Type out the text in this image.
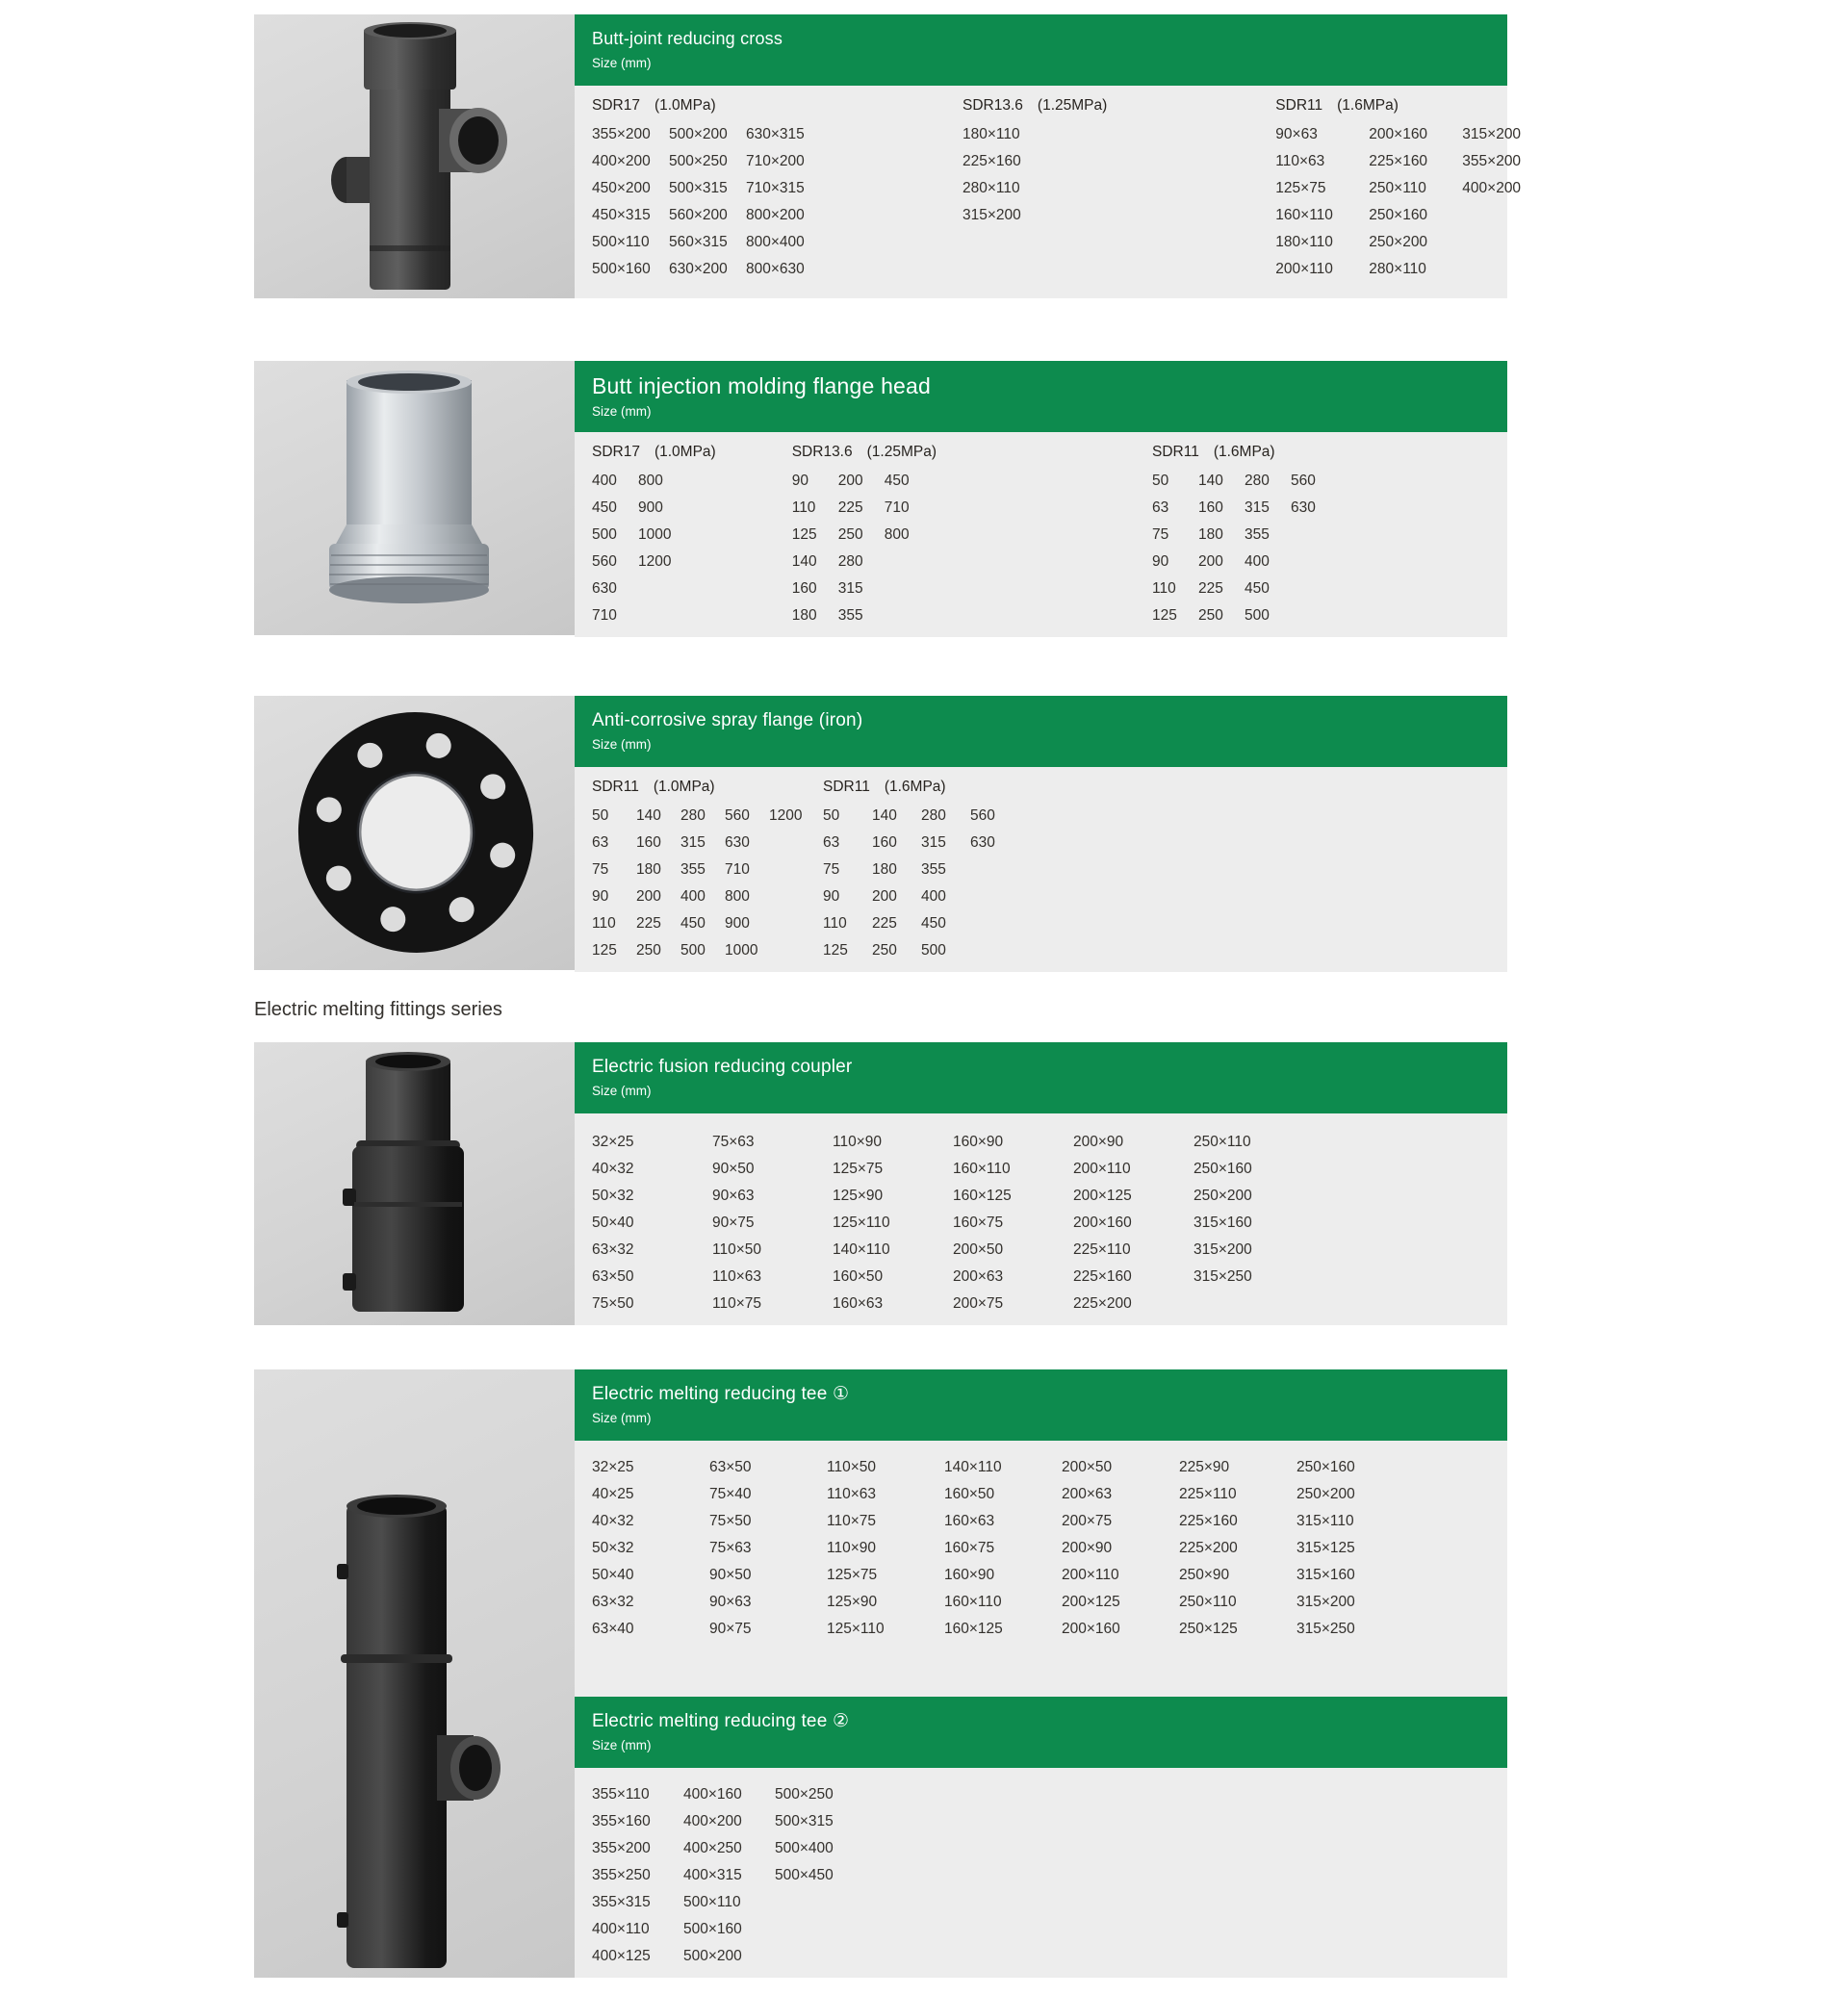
Butt-joint reducing cross
Size (mm)
SDR17 (1.0MPa)
355×200
400×200
450×200
450×315
500×110
500×160
500×200
500×250
500×315
560×200
560×315
630×200
630×315
710×200
710×315
800×200
800×400
800×630
SDR13.6 (1.25MPa)
180×110
225×160
280×110
315×200
SDR11 (1.6MPa)
90×63
110×63
125×75
160×110
180×110
200×110
200×160
225×160
250×110
250×160
250×200
280×110
315×200
355×200
400×200
Butt injection molding flange head
Size (mm)
SDR17 (1.0MPa)
400
450
500
560
630
710
800
900
1000
1200
SDR13.6 (1.25MPa)
90
110
125
140
160
180
200
225
250
280
315
355
450
710
800
SDR11 (1.6MPa)
50
63
75
90
110
125
140
160
180
200
225
250
280
315
355
400
450
500
560
630
Anti-corrosive spray flange (iron)
Size (mm)
SDR11 (1.0MPa)
50
63
75
90
110
125
140
160
180
200
225
250
280
315
355
400
450
500
560
630
710
800
900
1000
1200
SDR11 (1.6MPa)
50
63
75
90
110
125
140
160
180
200
225
250
280
315
355
400
450
500
560
630
Electric melting fittings series
Electric fusion reducing coupler
Size (mm)
32×25
40×32
50×32
50×40
63×32
63×50
75×50
75×63
90×50
90×63
90×75
110×50
110×63
110×75
110×90
125×75
125×90
125×110
140×110
160×50
160×63
160×90
160×110
160×125
160×75
200×50
200×63
200×75
200×90
200×110
200×125
200×160
225×110
225×160
225×200
250×110
250×160
250×200
315×160
315×200
315×250
Electric melting reducing tee ①
Size (mm)
32×25
40×25
40×32
50×32
50×40
63×32
63×40
63×50
75×40
75×50
75×63
90×50
90×63
90×75
110×50
110×63
110×75
110×90
125×75
125×90
125×110
140×110
160×50
160×63
160×75
160×90
160×110
160×125
200×50
200×63
200×75
200×90
200×110
200×125
200×160
225×90
225×110
225×160
225×200
250×90
250×110
250×125
250×160
250×200
315×110
315×125
315×160
315×200
315×250
Electric melting reducing tee ②
Size (mm)
355×110
355×160
355×200
355×250
355×315
400×110
400×125
400×160
400×200
400×250
400×315
500×110
500×160
500×200
500×250
500×315
500×400
500×450
